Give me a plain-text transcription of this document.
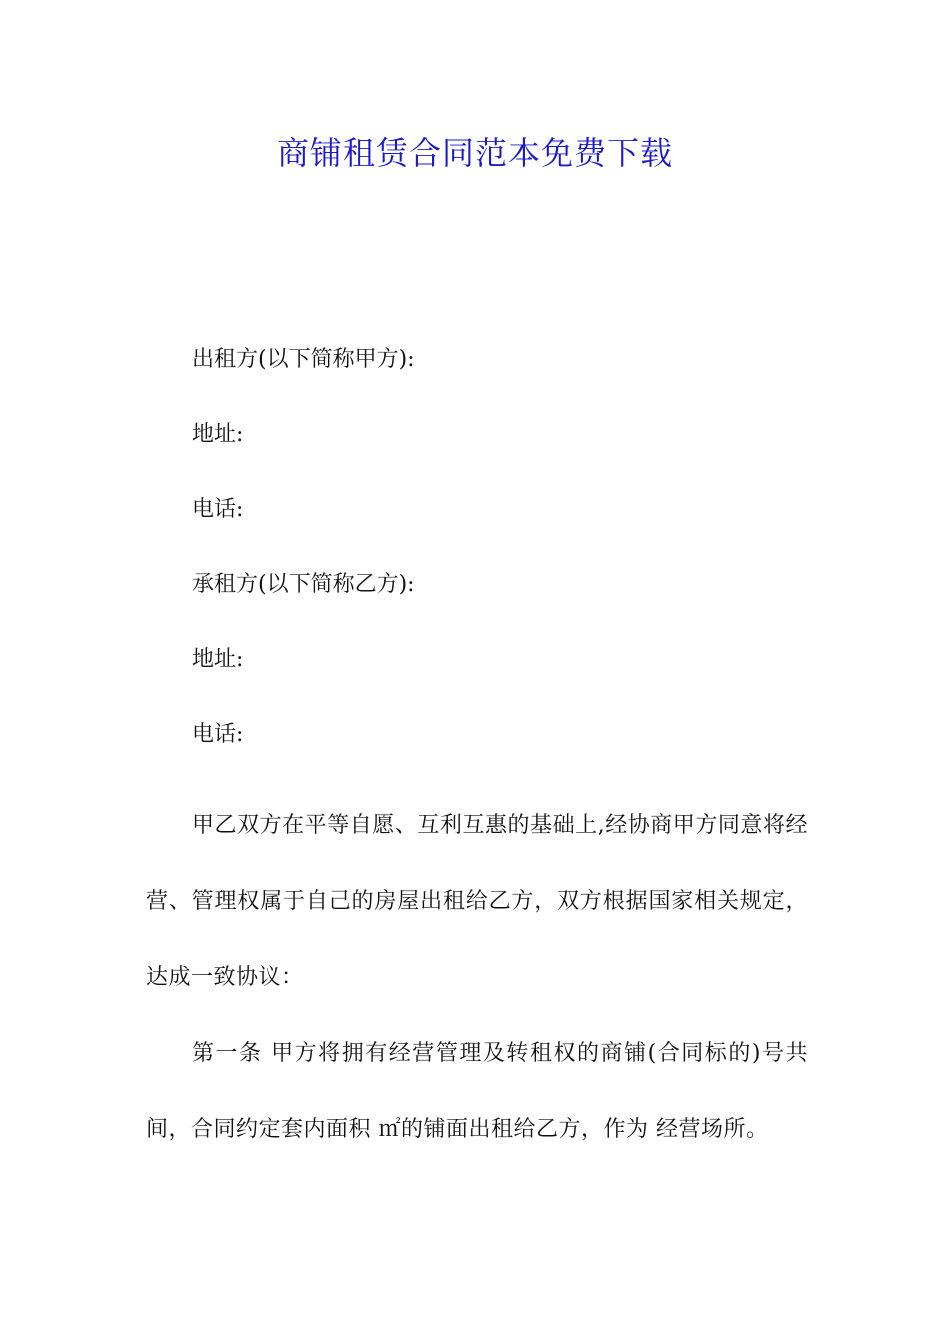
商铺租赁合同范本免费下载
出租方(以下简称甲方):
地址:
电话:
承租方(以下简称乙方):
地址:
电话:

甲乙双方在平等自愿、互利互惠的基础上,经协商甲方同意将经营、管理权属于自己的房屋出租给乙方，双方根据国家相关规定，达成一致协议：

第一条 甲方将拥有经营管理及转租权的商铺(合同标的)号共 间，合同约定套内面积 ㎡的铺面出租给乙方，作为 经营场所。
